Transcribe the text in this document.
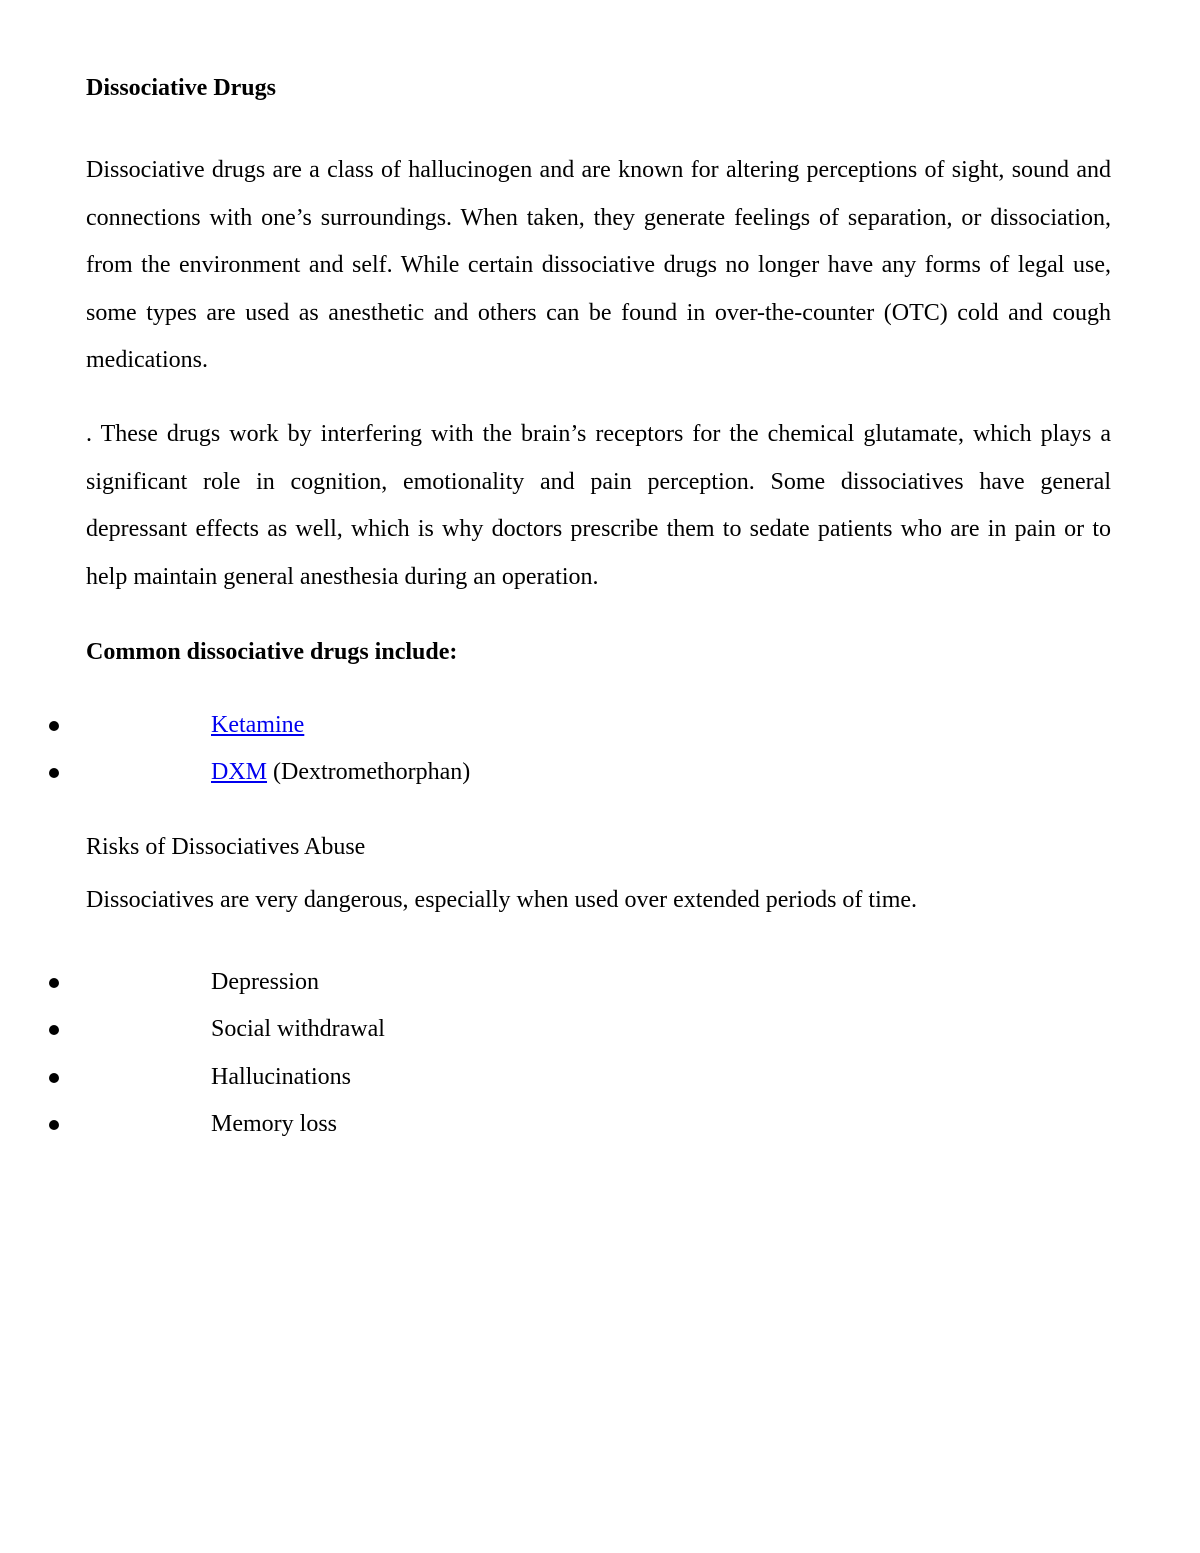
Dissociative Drugs

Dissociative drugs are a class of hallucinogen and are known for altering perceptions of sight, sound and connections with one’s surroundings. When taken, they generate feelings of separation, or dissociation, from the environment and self. While certain dissociative drugs no longer have any forms of legal use, some types are used as anesthetic and others can be found in over-the-counter (OTC) cold and cough medications.

. These drugs work by interfering with the brain’s receptors for the chemical glutamate, which plays a significant role in cognition, emotionality and pain perception. Some dissociatives have general depressant effects as well, which is why doctors prescribe them to sedate patients who are in pain or to help maintain general anesthesia during an operation.

Common dissociative drugs include:

Ketamine
DXM (Dextromethorphan)

Risks of Dissociatives Abuse

Dissociatives are very dangerous, especially when used over extended periods of time.

Depression
Social withdrawal
Hallucinations
Memory loss
